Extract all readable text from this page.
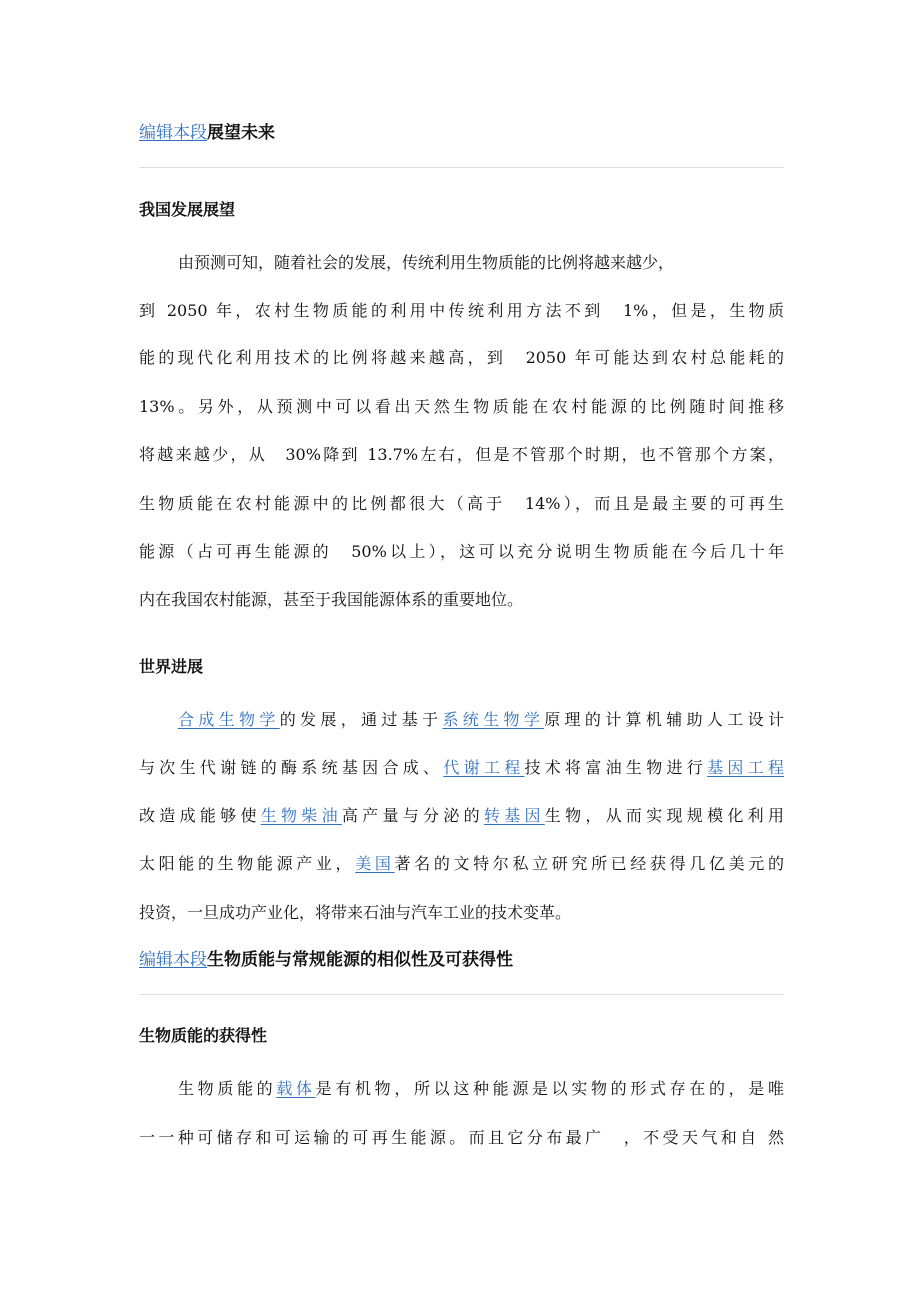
编辑本段展望未来
我国发展展望
由预测可知，随着社会的发展，传统利用生物质能的比例将越来越少，
到 2050 年，农村生物质能的利用中传统利用方法不到　1%，但是，生物质
能的现代化利用技术的比例将越来越高，到　2050 年可能达到农村总能耗的
13%。另外，从预测中可以看出天然生物质能在农村能源的比例随时间推移
将越来越少，从　30%降到 13.7%左右，但是不管那个时期，也不管那个方案，
生物质能在农村能源中的比例都很大（高于　14%），而且是最主要的可再生
能源（占可再生能源的　50%以上），这可以充分说明生物质能在今后几十年
内在我国农村能源，甚至于我国能源体系的重要地位。
世界进展
合成生物学的发展，通过基于系统生物学原理的计算机辅助人工设计
与次生代谢链的酶系统基因合成、代谢工程技术将富油生物进行基因工程
改造成能够使生物柴油高产量与分泌的转基因生物，从而实现规模化利用
太阳能的生物能源产业，美国著名的文特尔私立研究所已经获得几亿美元的
投资，一旦成功产业化，将带来石油与汽车工业的技术变革。
编辑本段生物质能与常规能源的相似性及可获得性
生物质能的获得性
生物质能的载体是有机物，所以这种能源是以实物的形式存在的，是唯
一一种可储存和可运输的可再生能源。而且它分布最广　，不受天气和自 然
